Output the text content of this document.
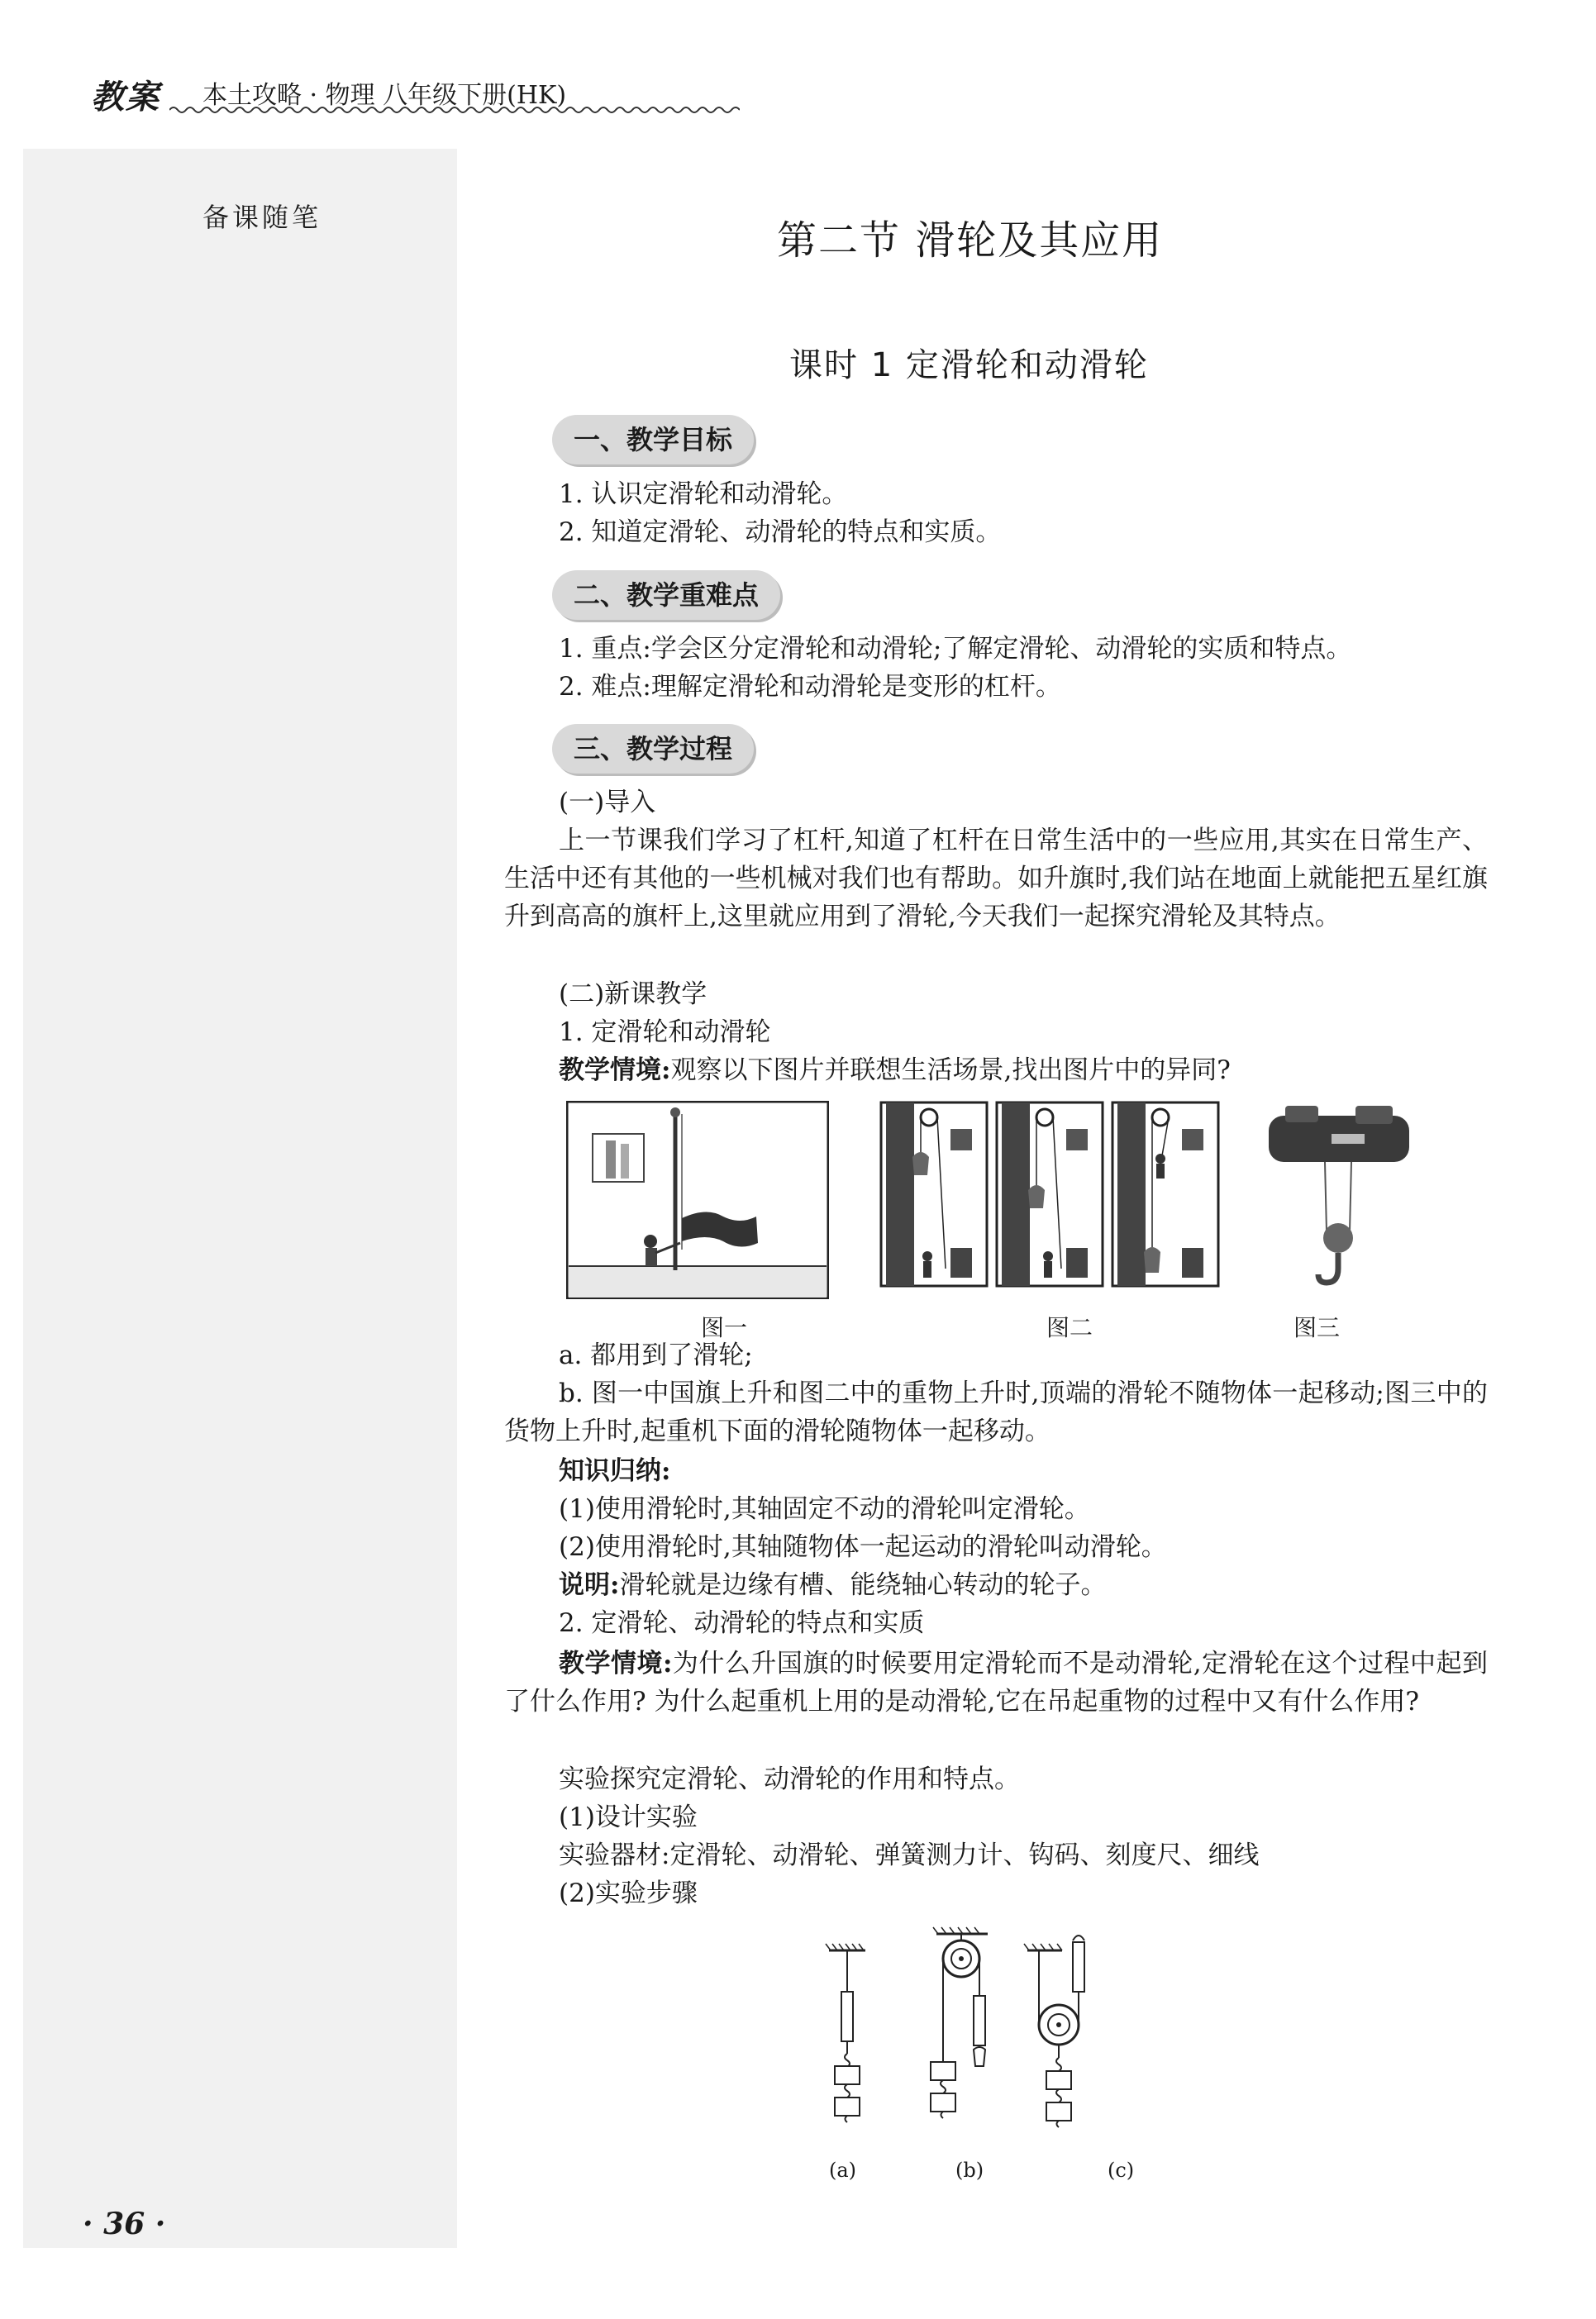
教案 本土攻略 · 物理 八年级下册(HK)
备课随笔	第二节 滑轮及其应用
课时 1 定滑轮和动滑轮
一、教学目标
1. 认识定滑轮和动滑轮。
2. 知道定滑轮、动滑轮的特点和实质。
二、教学重难点
1. 重点:学会区分定滑轮和动滑轮;了解定滑轮、动滑轮的实质和特点。
2. 难点:理解定滑轮和动滑轮是变形的杠杆。
三、教学过程
(一)导入
上一节课我们学习了杠杆,知道了杠杆在日常生活中的一些应用,其实在日常生产、生活中还有其他的一些机械对我们也有帮助。如升旗时,我们站在地面上就能把五星红旗升到高高的旗杆上,这里就应用到了滑轮,今天我们一起探究滑轮及其特点。
(二)新课教学
1. 定滑轮和动滑轮
教学情境:观察以下图片并联想生活场景,找出图片中的异同?
图一	图二	图三
a. 都用到了滑轮;
b. 图一中国旗上升和图二中的重物上升时,顶端的滑轮不随物体一起移动;图三中的货物上升时,起重机下面的滑轮随物体一起移动。
知识归纳:
(1)使用滑轮时,其轴固定不动的滑轮叫定滑轮。
(2)使用滑轮时,其轴随物体一起运动的滑轮叫动滑轮。
说明:滑轮就是边缘有槽、能绕轴心转动的轮子。
2. 定滑轮、动滑轮的特点和实质
教学情境:为什么升国旗的时候要用定滑轮而不是动滑轮,定滑轮在这个过程中起到了什么作用? 为什么起重机上用的是动滑轮,它在吊起重物的过程中又有什么作用?
实验探究定滑轮、动滑轮的作用和特点。
(1)设计实验
实验器材:定滑轮、动滑轮、弹簧测力计、钩码、刻度尺、细线
(2)实验步骤
(a)	(b)	(c)
· 36 ·
